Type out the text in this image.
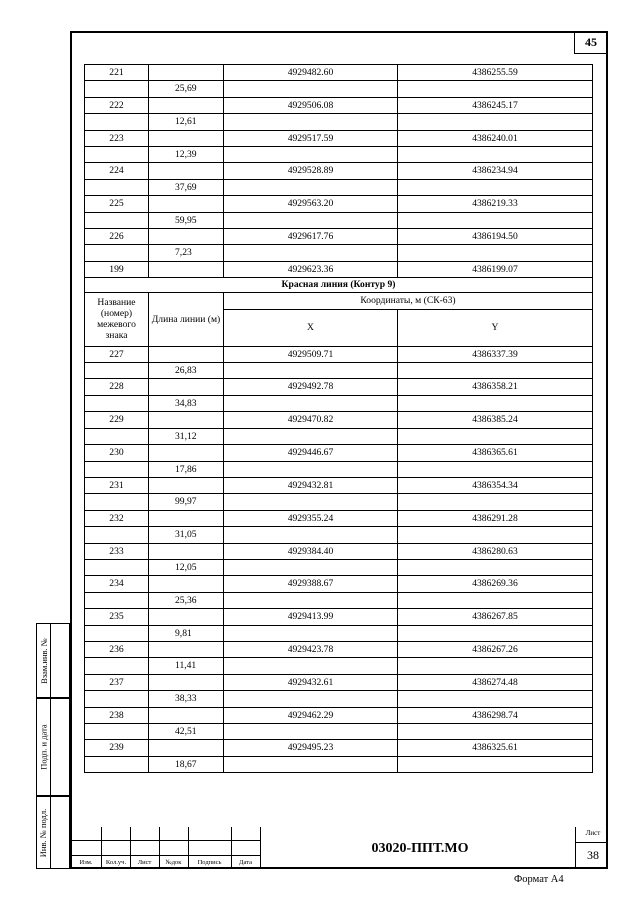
45
221		4929482.60	4386255.59
	25,69		
222		4929506.08	4386245.17
	12,61		
223		4929517.59	4386240.01
	12,39		
224		4929528.89	4386234.94
	37,69		
225		4929563.20	4386219.33
	59,95		
226		4929617.76	4386194.50
	7,23		
199		4929623.36	4386199.07
Красная линия (Контур 9)			
Название (номер) межевого знака	Длина линии (м)	Координаты, м (СК-63)	
		X	Y
227		4929509.71	4386337.39
	26,83		
228		4929492.78	4386358.21
	34,83		
229		4929470.82	4386385.24
	31,12		
230		4929446.67	4386365.61
	17,86		
231		4929432.81	4386354.34
	99,97		
232		4929355.24	4386291.28
	31,05		
233		4929384.40	4386280.63
	12,05		
234		4929388.67	4386269.36
	25,36		
235		4929413.99	4386267.85
	9,81		
236		4929423.78	4386267.26
	11,41		
237		4929432.61	4386274.48
	38,33		
238		4929462.29	4386298.74
	42,51		
239		4929495.23	4386325.61
	18,67		
Взам.инв. №
Подп. и дата
Инв. № подл.
Изм.	Кол.уч.	Лист	№док	Подпись	Дата
03020-ППТ.МО
Лист
38
Формат А4
